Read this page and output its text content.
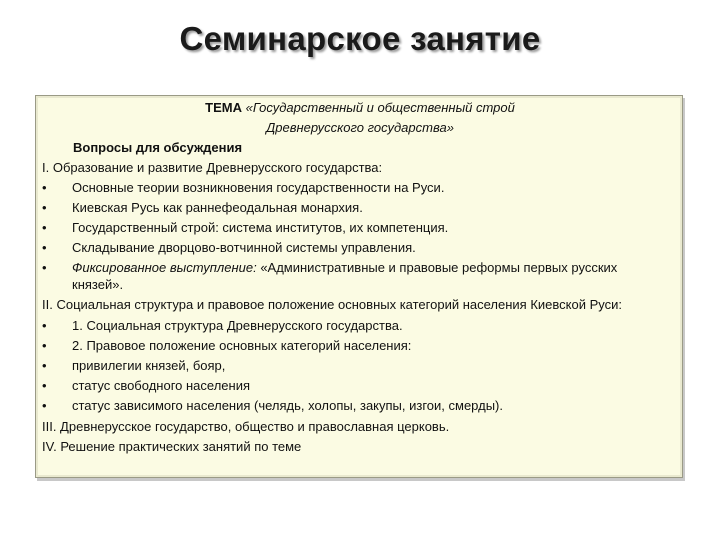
Семинарское занятие
ТЕМА «Государственный и общественный строй
Древнерусского государства»
Вопросы для обсуждения
I. Образование и развитие Древнерусского государства:
•	Основные теории возникновения государственности на Руси.
•	Киевская Русь как раннефеодальная монархия.
•	Государственный строй: система институтов, их компетенция.
•	Складывание дворцово-вотчинной системы управления.
•	Фиксированное выступление: «Административные и правовые реформы первых русских
князей».
II. Социальная структура и правовое положение основных категорий населения Киевской Руси:
•	1. Социальная структура Древнерусского государства.
•	2. Правовое положение основных категорий населения:
•	привилегии князей, бояр,
•	статус свободного населения
•	статус зависимого населения (челядь, холопы, закупы, изгои, смерды).
III. Древнерусское государство, общество и православная церковь.
IV. Решение практических занятий по теме
